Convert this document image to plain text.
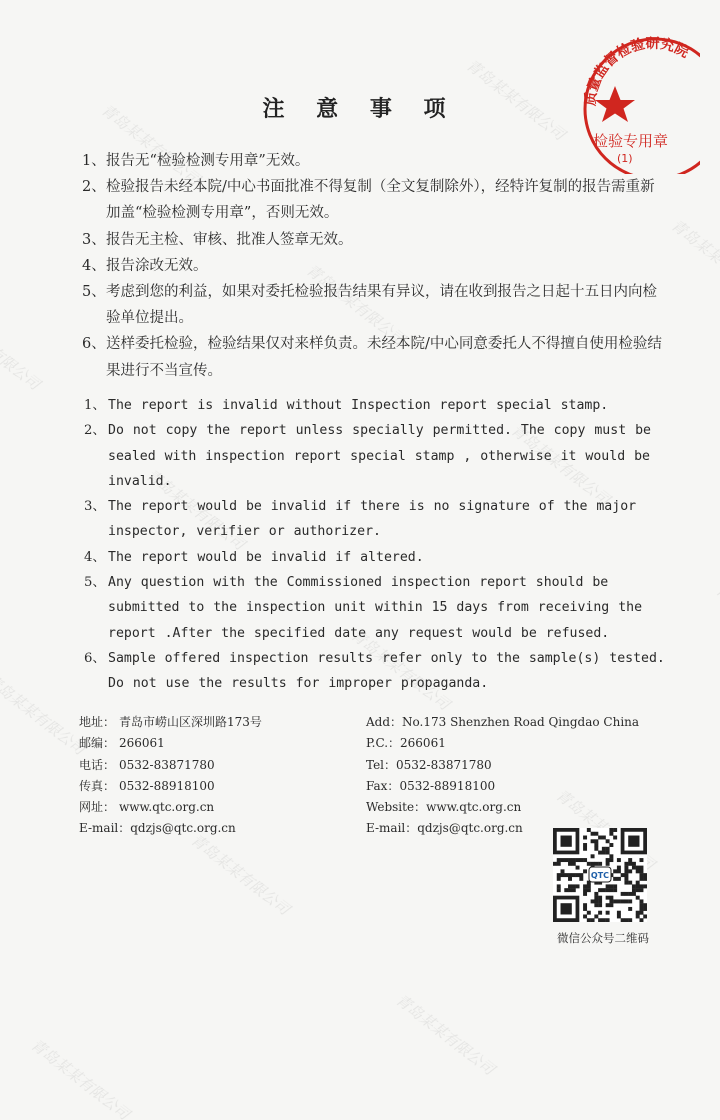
质量监督检验研究院
检验专用章
(1)
注 意 事 项
1、 报告无“检验检测专用章”无效。
2、 检验报告未经本院/中心书面批准不得复制（全文复制除外），经特许复制的报告需重新加盖“检验检测专用章”，否则无效。
3、 报告无主检、审核、批准人签章无效。
4、 报告涂改无效。
5、 考虑到您的利益，如果对委托检验报告结果有异议，请在收到报告之日起十五日内向检验单位提出。
6、 送样委托检验，检验结果仅对来样负责。未经本院/中心同意委托人不得擅自使用检验结果进行不当宣传。
1、 The report is invalid without Inspection report special stamp.
2、 Do not copy the report unless specially permitted. The copy must be sealed with inspection report special stamp , otherwise it would be invalid.
3、 The report would be invalid if there is no signature of the major inspector, verifier or authorizer.
4、 The report would be invalid if altered.
5、 Any question with the Commissioned inspection report should be submitted to the inspection unit within 15 days from receiving the report .After the specified date any request would be refused.
6、 Sample offered inspection results refer only to the sample(s) tested. Do not use the results for improper propaganda.
地址： 青岛市崂山区深圳路173号
邮编： 266061
电话： 0532-83871780
传真： 0532-88918100
网址： www.qtc.org.cn
E-mail：qdzjs@qtc.org.cn
Add：No.173 Shenzhen Road Qingdao China
P.C.：266061
Tel：0532-83871780
Fax：0532-88918100
Website：www.qtc.org.cn
E-mail：qdzjs@qtc.org.cn
QTC
微信公众号二维码
